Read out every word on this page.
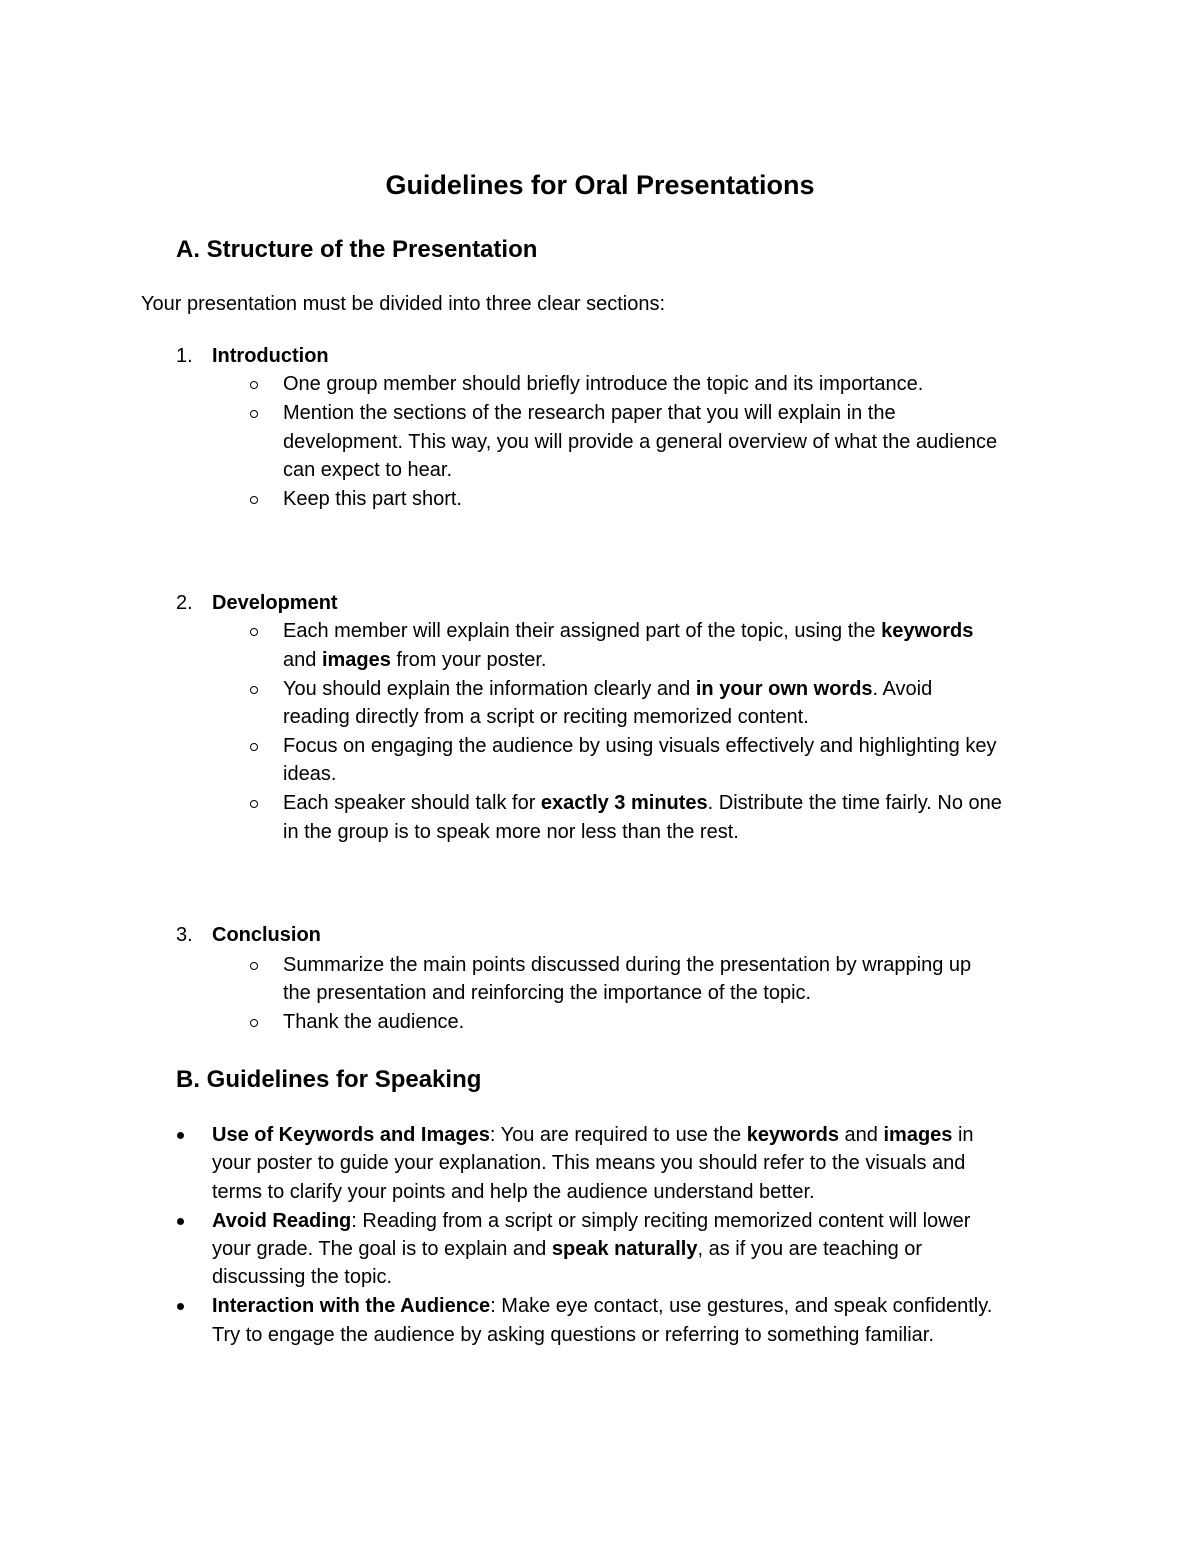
Guidelines for Oral Presentations
A. Structure of the Presentation
Your presentation must be divided into three clear sections:
1. Introduction
One group member should briefly introduce the topic and its importance.
Mention the sections of the research paper that you will explain in the
development. This way, you will provide a general overview of what the audience
can expect to hear.
Keep this part short.
2. Development
Each member will explain their assigned part of the topic, using the keywords
and images from your poster.
You should explain the information clearly and in your own words. Avoid
reading directly from a script or reciting memorized content.
Focus on engaging the audience by using visuals effectively and highlighting key
ideas.
Each speaker should talk for exactly 3 minutes. Distribute the time fairly. No one
in the group is to speak more nor less than the rest.
3. Conclusion
Summarize the main points discussed during the presentation by wrapping up
the presentation and reinforcing the importance of the topic.
Thank the audience.
B. Guidelines for Speaking
Use of Keywords and Images: You are required to use the keywords and images in
your poster to guide your explanation. This means you should refer to the visuals and
terms to clarify your points and help the audience understand better.
Avoid Reading: Reading from a script or simply reciting memorized content will lower
your grade. The goal is to explain and speak naturally, as if you are teaching or
discussing the topic.
Interaction with the Audience: Make eye contact, use gestures, and speak confidently.
Try to engage the audience by asking questions or referring to something familiar.
